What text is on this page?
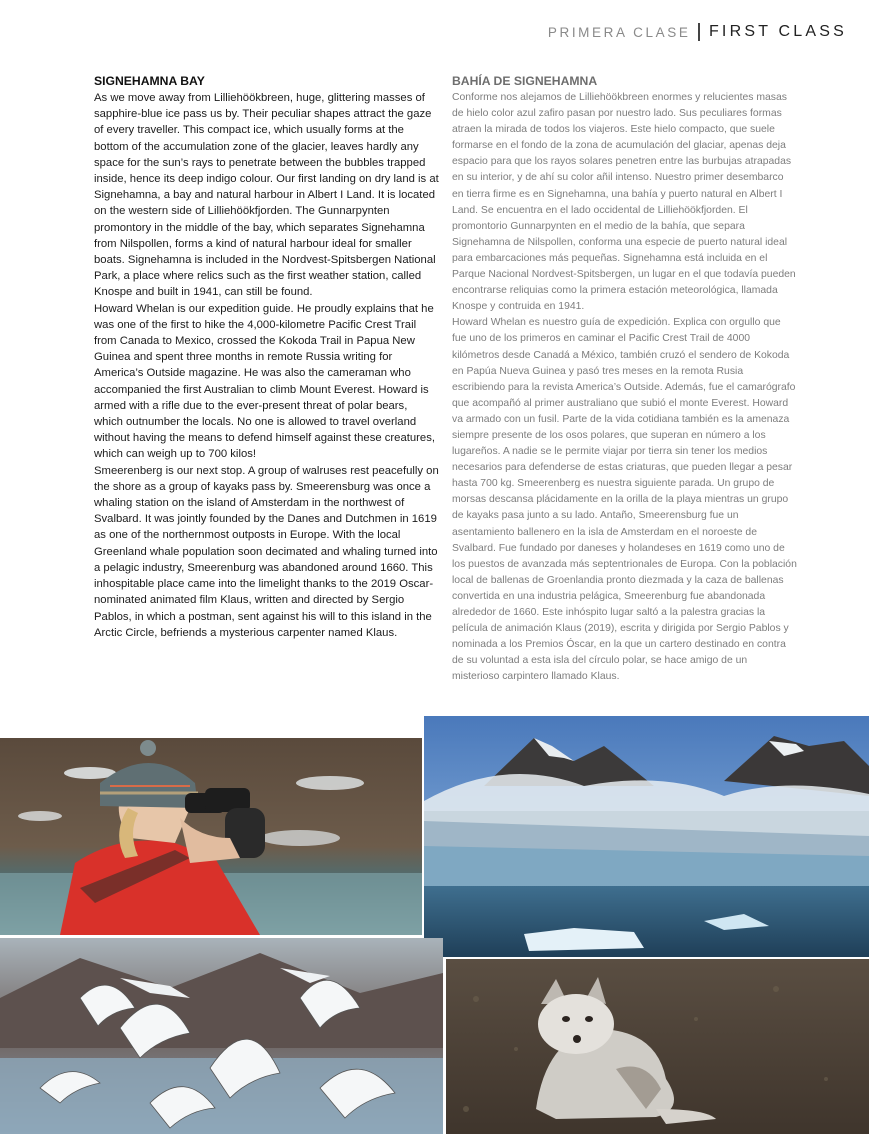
PRIMERA CLASE FIRST CLASS
SIGNEHAMNA BAY

As we move away from Lilliehöökbreen, huge, glittering masses of sapphire-blue ice pass us by. Their peculiar shapes attract the gaze of every traveller. This compact ice, which usually forms at the bottom of the accumulation zone of the glacier, leaves hardly any space for the sun’s rays to penetrate between the bubbles trapped inside, hence its deep indigo colour. Our first landing on dry land is at Signehamna, a bay and natural harbour in Albert I Land. It is located on the western side of Lilliehöökfjorden. The Gunnarpynten promontory in the middle of the bay, which separates Signehamna from Nilspollen, forms a kind of natural harbour ideal for smaller boats. Signehamna is included in the Nordvest-Spitsbergen National Park, a place where relics such as the first weather station, called Knospe and built in 1941, can still be found.

Howard Whelan is our expedition guide. He proudly explains that he was one of the first to hike the 4,000-kilometre Pacific Crest Trail from Canada to Mexico, crossed the Kokoda Trail in Papua New Guinea and spent three months in remote Russia writing for America’s Outside magazine. He was also the cameraman who accompanied the first Australian to climb Mount Everest. Howard is armed with a rifle due to the ever-present threat of polar bears, which outnumber the locals. No one is allowed to travel overland without having the means to defend himself against these creatures, which can weigh up to 700 kilos!

Smeerenberg is our next stop. A group of walruses rest peacefully on the shore as a group of kayaks pass by. Smeerensburg was once a whaling station on the island of Amsterdam in the northwest of Svalbard. It was jointly founded by the Danes and Dutchmen in 1619 as one of the northernmost outposts in Europe. With the local Greenland whale population soon decimated and whaling turned into a pelagic industry, Smeerenburg was abandoned around 1660. This inhospitable place came into the limelight thanks to the 2019 Oscar-nominated animated film Klaus, written and directed by Sergio Pablos, in which a postman, sent against his will to this island in the Arctic Circle, befriends a mysterious carpenter named Klaus.

BAHÍA DE SIGNEHAMNA

Conforme nos alejamos de Lilliehöökbreen enormes y relucientes masas de hielo color azul zafiro pasan por nuestro lado. Sus peculiares formas atraen la mirada de todos los viajeros. Este hielo compacto, que suele formarse en el fondo de la zona de acumulación del glaciar, apenas deja espacio para que los rayos solares penetren entre las burbujas atrapadas en su interior, y de ahí su color añil intenso. Nuestro primer desembarco en tierra firme es en Signehamna, una bahía y puerto natural en Albert I Land. Se encuentra en el lado occidental de Lilliehöökfjorden. El promontorio Gunnarpynten en el medio de la bahía, que separa Signehamna de Nilspollen, conforma una especie de puerto natural ideal para embarcaciones más pequeñas. Signehamna está incluida en el Parque Nacional Nordvest-Spitsbergen, un lugar en el que todavía pueden encontrarse reliquias como la primera estación meteorológica, llamada Knospe y contruida en 1941.

Howard Whelan es nuestro guía de expedición. Explica con orgullo que fue uno de los primeros en caminar el Pacific Crest Trail de 4000 kilómetros desde Canadá a México, también cruzó el sendero de Kokoda en Papúa Nueva Guinea y pasó tres meses en la remota Rusia escribiendo para la revista America’s Outside. Además, fue el camarógrafo que acompañó al primer australiano que subió el monte Everest. Howard va armado con un fusil. Parte de la vida cotidiana también es la amenaza siempre presente de los osos polares, que superan en número a los lugareños. A nadie se le permite viajar por tierra sin tener los medios necesarios para defenderse de estas criaturas, que pueden llegar a pesar hasta 700 kg. Smeerenberg es nuestra siguiente parada. Un grupo de morsas descansa plácidamente en la orilla de la playa mientras un grupo de kayaks pasa junto a su lado. Antaño, Smeerensburg fue un asentamiento ballenero en la isla de Amsterdam en el noroeste de Svalbard. Fue fundado por daneses y holandeses en 1619 como uno de los puestos de avanzada más septentrionales de Europa. Con la población local de ballenas de Groenlandia pronto diezmada y la caza de ballenas convertida en una industria pelágica, Smeerenburg fue abandonada alrededor de 1660. Este inhóspito lugar saltó a la palestra gracias la película de animación Klaus (2019), escrita y dirigida por Sergio Pablos y nominada a los Premios Óscar, en la que un cartero destinado en contra de su voluntad a esta isla del círculo polar, se hace amigo de un misterioso carpintero llamado Klaus.
